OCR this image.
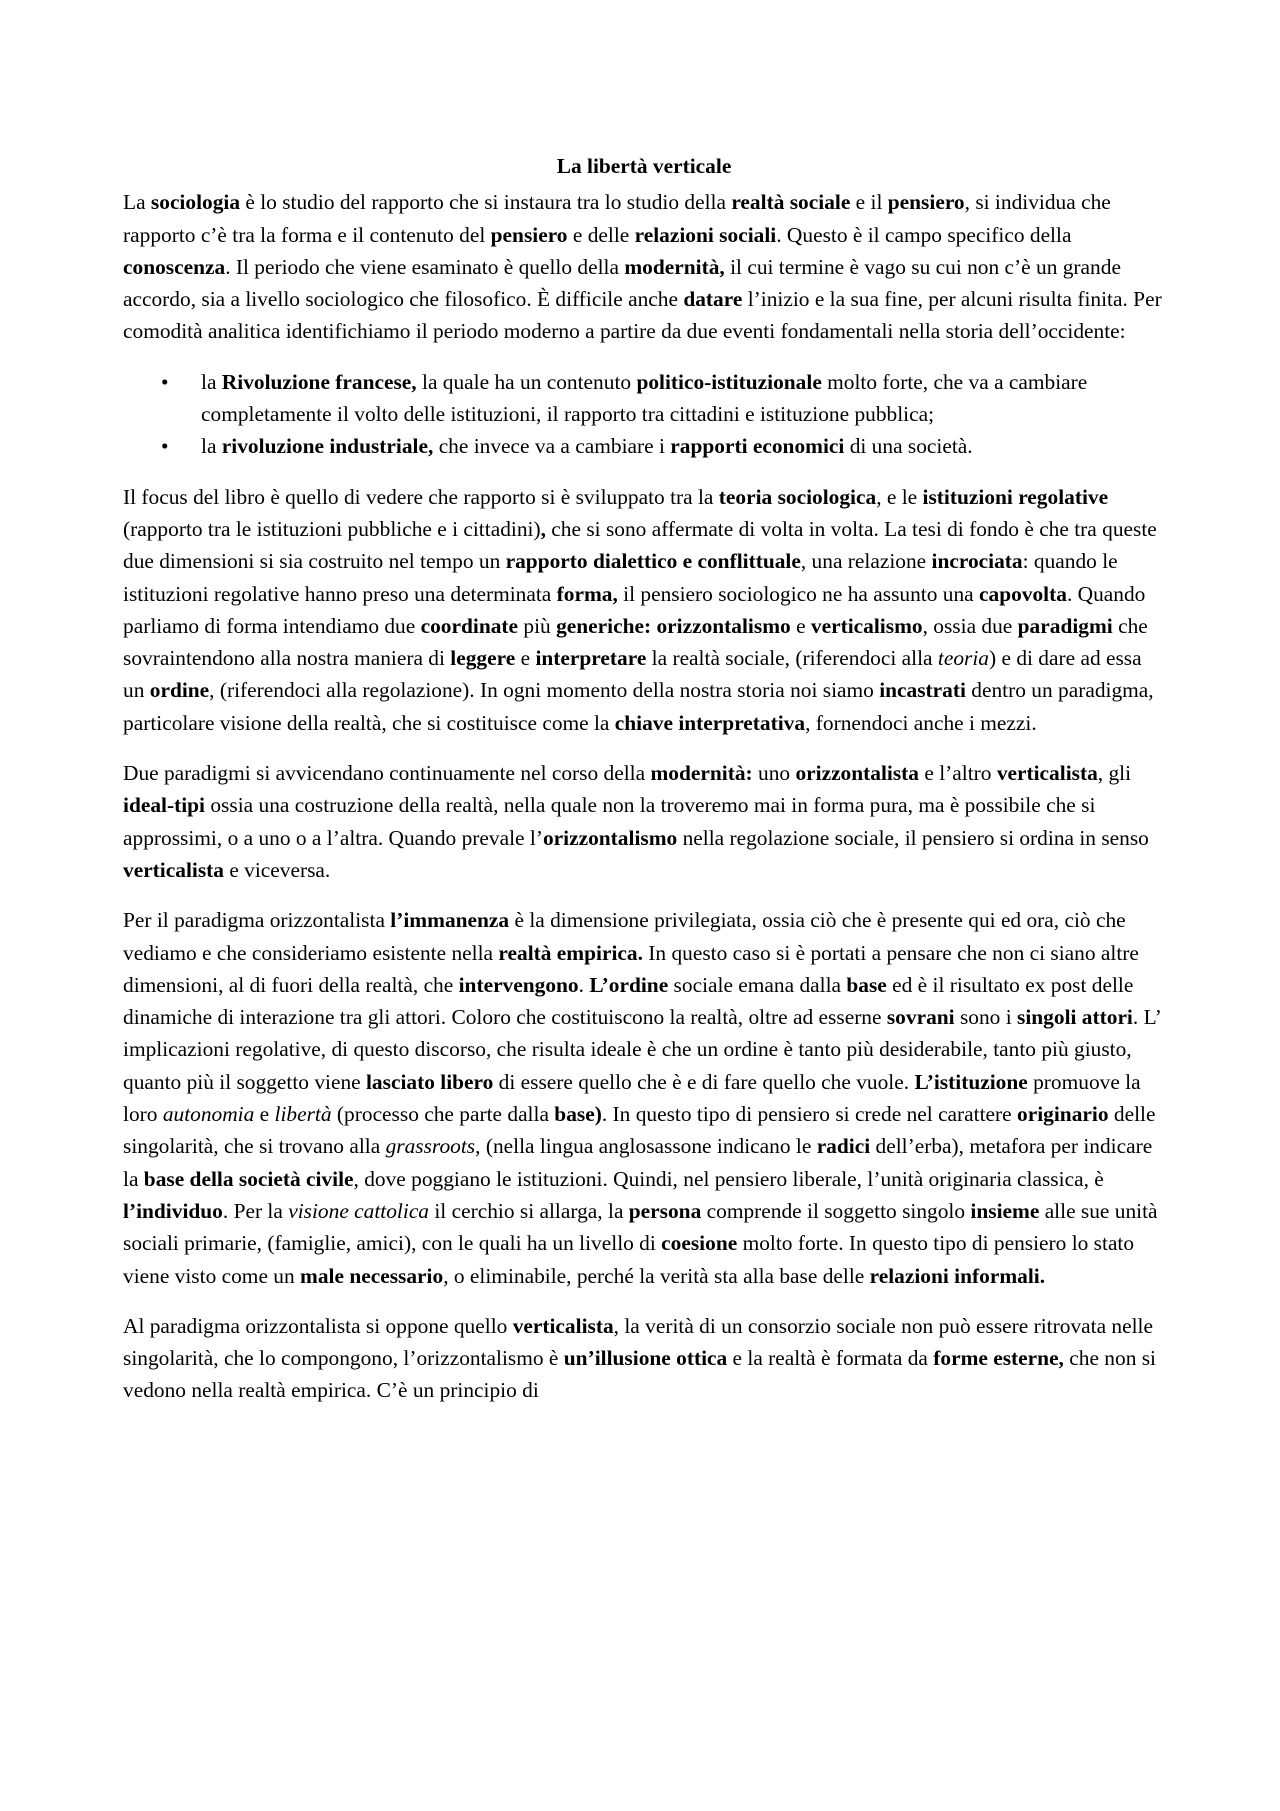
La libertà verticale

La sociologia è lo studio del rapporto che si instaura tra lo studio della realtà sociale e il pensiero, si individua che rapporto c’è tra la forma e il contenuto del pensiero e delle relazioni sociali. Questo è il campo specifico della conoscenza. Il periodo che viene esaminato è quello della modernità, il cui termine è vago su cui non c’è un grande accordo, sia a livello sociologico che filosofico. È difficile anche datare l’inizio e la sua fine, per alcuni risulta finita. Per comodità analitica identifichiamo il periodo moderno a partire da due eventi fondamentali nella storia dell’occidente:

• la Rivoluzione francese, la quale ha un contenuto politico-istituzionale molto forte, che va a cambiare completamente il volto delle istituzioni, il rapporto tra cittadini e istituzione pubblica;
• la rivoluzione industriale, che invece va a cambiare i rapporti economici di una società.

Il focus del libro è quello di vedere che rapporto si è sviluppato tra la teoria sociologica, e le istituzioni regolative (rapporto tra le istituzioni pubbliche e i cittadini), che si sono affermate di volta in volta. La tesi di fondo è che tra queste due dimensioni si sia costruito nel tempo un rapporto dialettico e conflittuale, una relazione incrociata: quando le istituzioni regolative hanno preso una determinata forma, il pensiero sociologico ne ha assunto una capovolta. Quando parliamo di forma intendiamo due coordinate più generiche: orizzontalismo e verticalismo, ossia due paradigmi che sovraintendono alla nostra maniera di leggere e interpretare la realtà sociale, (riferendoci alla teoria) e di dare ad essa un ordine, (riferendoci alla regolazione). In ogni momento della nostra storia noi siamo incastrati dentro un paradigma, particolare visione della realtà, che si costituisce come la chiave interpretativa, fornendoci anche i mezzi.

Due paradigmi si avvicendano continuamente nel corso della modernità: uno orizzontalista e l’altro verticalista, gli ideal-tipi ossia una costruzione della realtà, nella quale non la troveremo mai in forma pura, ma è possibile che si approssimi, o a uno o a l’altra. Quando prevale l’orizzontalismo nella regolazione sociale, il pensiero si ordina in senso verticalista e viceversa.

Per il paradigma orizzontalista l’immanenza è la dimensione privilegiata, ossia ciò che è presente qui ed ora, ciò che vediamo e che consideriamo esistente nella realtà empirica. In questo caso si è portati a pensare che non ci siano altre dimensioni, al di fuori della realtà, che intervengono. L’ordine sociale emana dalla base ed è il risultato ex post delle dinamiche di interazione tra gli attori. Coloro che costituiscono la realtà, oltre ad esserne sovrani sono i singoli attori. L’ implicazioni regolative, di questo discorso, che risulta ideale è che un ordine è tanto più desiderabile, tanto più giusto, quanto più il soggetto viene lasciato libero di essere quello che è e di fare quello che vuole. L’istituzione promuove la loro autonomia e libertà (processo che parte dalla base). In questo tipo di pensiero si crede nel carattere originario delle singolarità, che si trovano alla grassroots, (nella lingua anglosassone indicano le radici dell’erba), metafora per indicare la base della società civile, dove poggiano le istituzioni. Quindi, nel pensiero liberale, l’unità originaria classica, è l’individuo. Per la visione cattolica il cerchio si allarga, la persona comprende il soggetto singolo insieme alle sue unità sociali primarie, (famiglie, amici), con le quali ha un livello di coesione molto forte. In questo tipo di pensiero lo stato viene visto come un male necessario, o eliminabile, perché la verità sta alla base delle relazioni informali.

Al paradigma orizzontalista si oppone quello verticalista, la verità di un consorzio sociale non può essere ritrovata nelle singolarità, che lo compongono, l’orizzontalismo è un’illusione ottica e la realtà è formata da forme esterne, che non si vedono nella realtà empirica. C’è un principio di
